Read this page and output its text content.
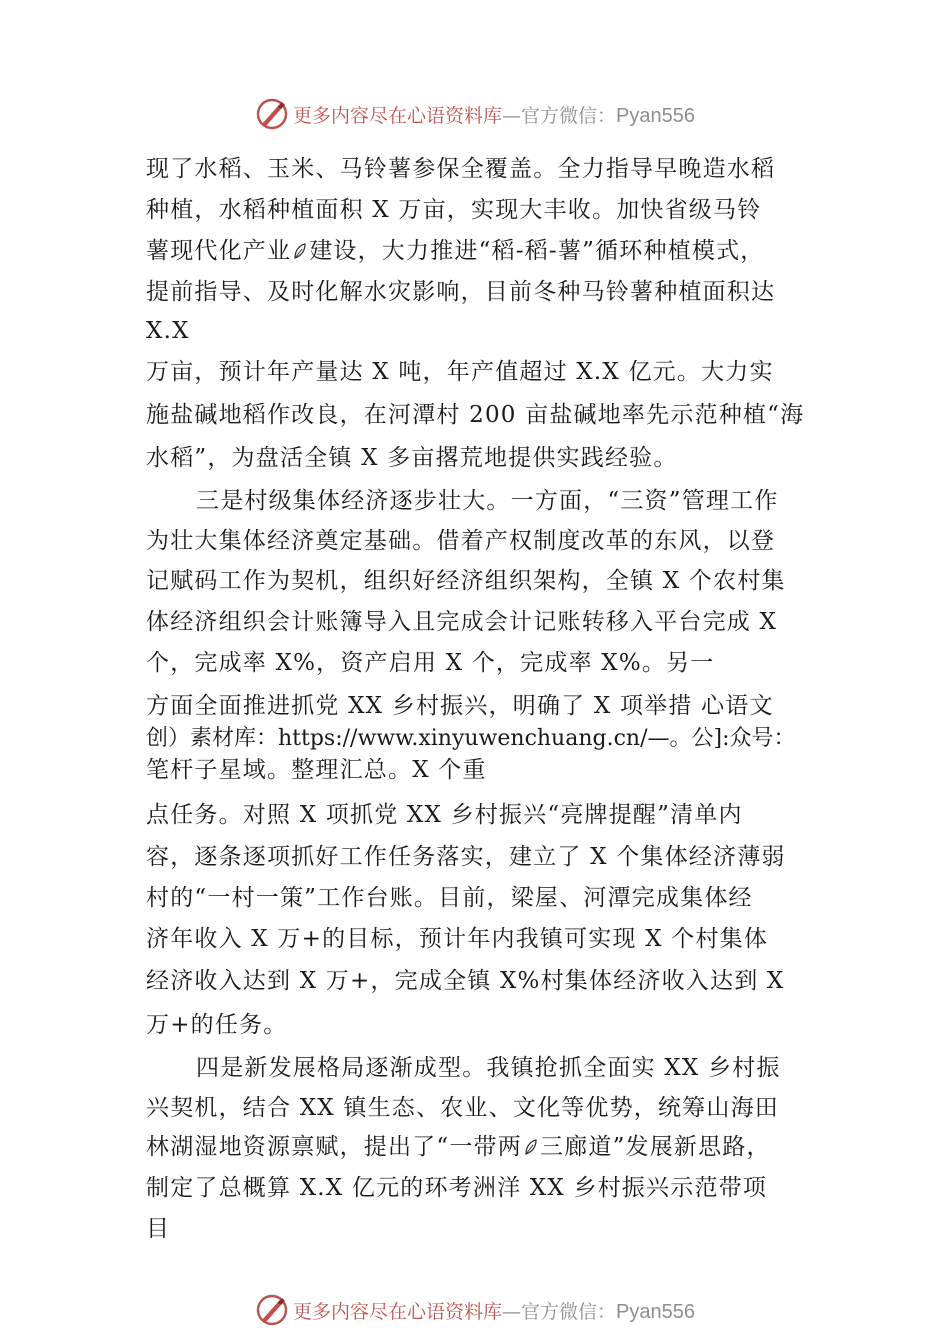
更多内容尽在心语资料库—官方微信：Pyan556
现了水稻、玉米、马铃薯参保全覆盖。全力指导早晚造水稻
种植，水稻种植面积 X 万亩，实现大丰收。加快省级马铃
薯现代化产业 建设，大力推进“稻-稻-薯”循环种植模式，
提前指导、及时化解水灾影响，目前冬种马铃薯种植面积达
X.X
万亩，预计年产量达 X 吨，年产值超过 X.X 亿元。大力实
施盐碱地稻作改良，在河潭村 200 亩盐碱地率先示范种植“海
水稻”，为盘活全镇 X 多亩撂荒地提供实践经验。
三是村级集体经济逐步壮大。一方面，“三资”管理工作
为壮大集体经济奠定基础。借着产权制度改革的东风，以登
记赋码工作为契机，组织好经济组织架构，全镇 X 个农村集
体经济组织会计账簿导入且完成会计记账转移入平台完成 X
个，完成率 X%，资产启用 X 个，完成率 X%。另一
方面全面推进抓党 XX 乡村振兴，明确了 X 项举措 心语文
创）素材库：https://www.xinyuwenchuang.cn/—。公]:众号：
笔杆子星域。整理汇总。X 个重
点任务。对照 X 项抓党 XX 乡村振兴“亮牌提醒”清单内
容，逐条逐项抓好工作任务落实，建立了 X 个集体经济薄弱
村的“一村一策”工作台账。目前，梁屋、河潭完成集体经
济年收入 X 万+的目标，预计年内我镇可实现 X 个村集体
经济收入达到 X 万+，完成全镇 X%村集体经济收入达到 X
万+的任务。
四是新发展格局逐渐成型。我镇抢抓全面实 XX 乡村振
兴契机，结合 XX 镇生态、农业、文化等优势，统筹山海田
林湖湿地资源禀赋，提出了“一带两 三廊道”发展新思路，
制定了总概算 X.X 亿元的环考洲洋 XX 乡村振兴示范带项
目
更多内容尽在心语资料库—官方微信：Pyan556
